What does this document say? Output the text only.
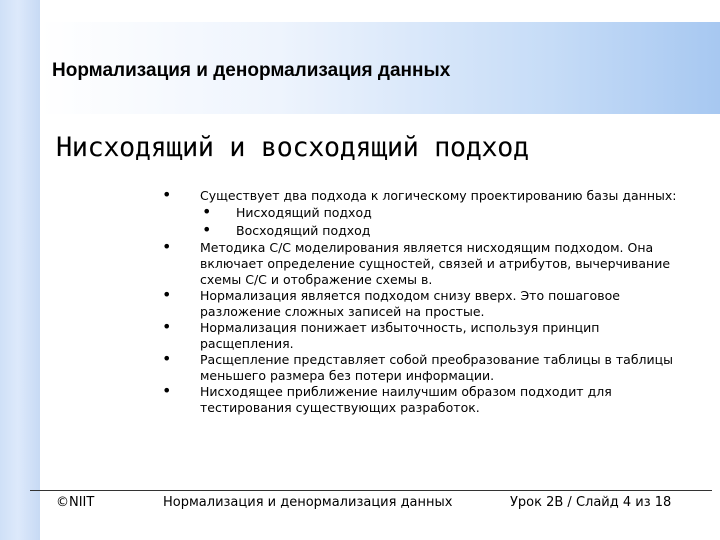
Нормализация и денормализация данных
Нисходящий и восходящий подход
• Существует два подхода к логическому проектированию базы данных:
• Нисходящий подход
• Восходящий подход
• Методика С/С моделирования является нисходящим подходом. Она включает определение сущностей, связей и атрибутов, вычерчивание схемы С/С и отображение схемы в.
• Нормализация является подходом снизу вверх. Это пошаговое разложение сложных записей на простые.
• Нормализация понижает избыточность, используя принцип расщепления.
• Расщепление представляет собой преобразование таблицы в таблицы меньшего размера без потери информации.
• Нисходящее приближение наилучшим образом подходит для тестирования существующих разработок.
©NIIT	Нормализация и денормализация данных	Урок 2В / Слайд 4 из 18
